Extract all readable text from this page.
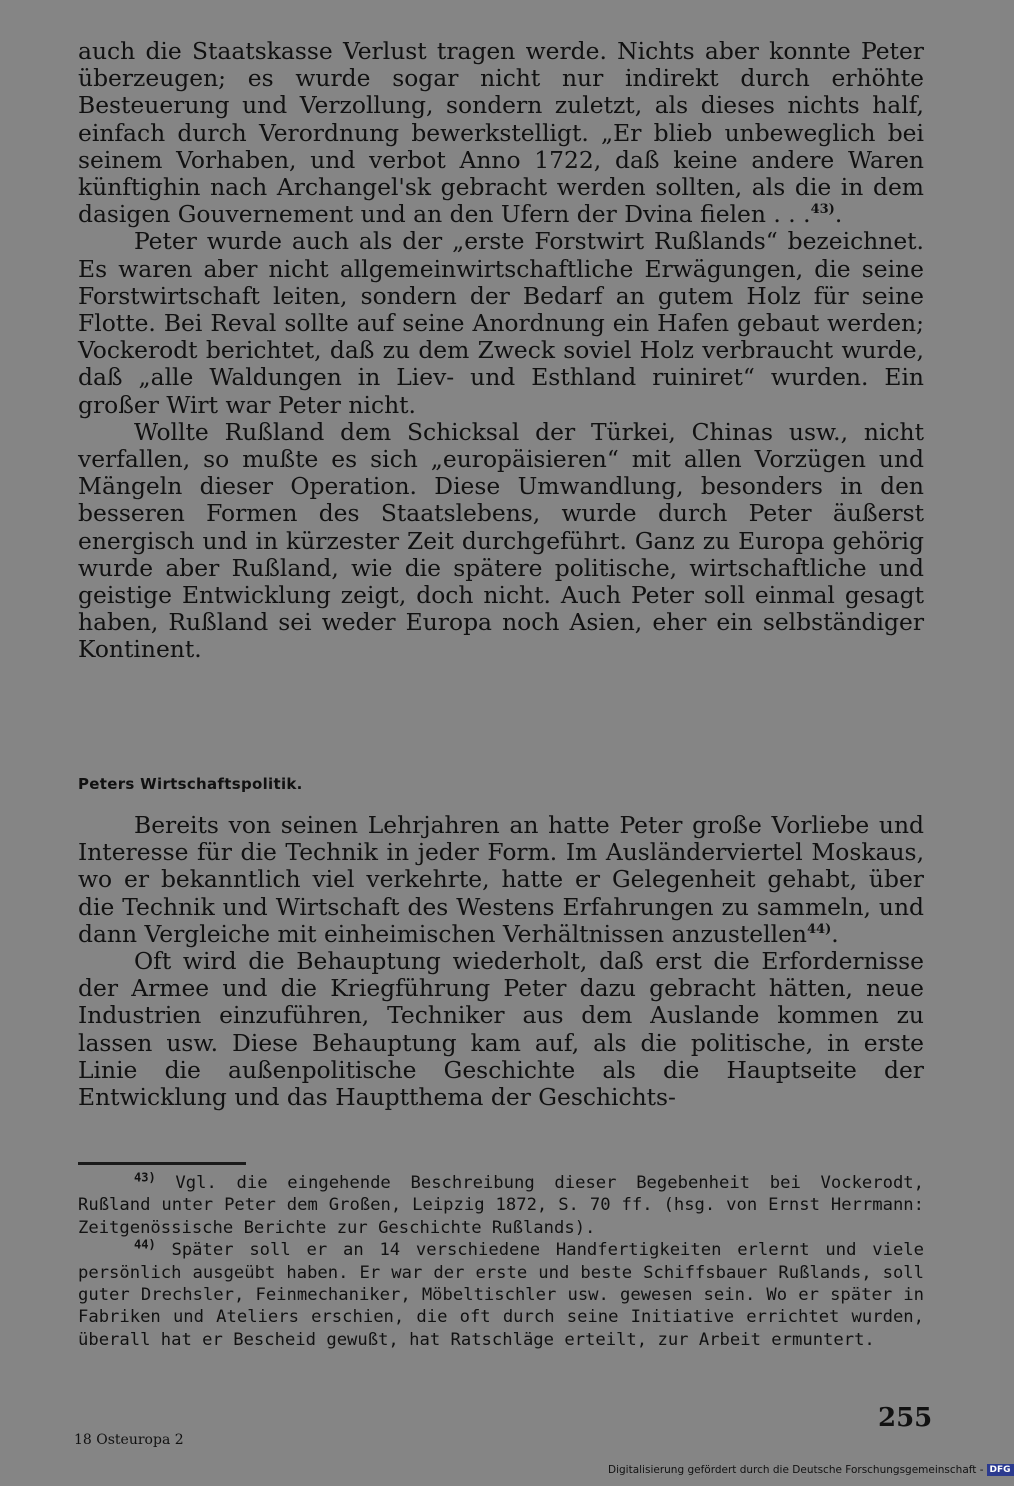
auch die Staatskasse Verlust tragen werde. Nichts aber konnte Peter überzeugen; es wurde sogar nicht nur indirekt durch erhöhte Besteuerung und Verzollung, sondern zuletzt, als dieses nichts half, einfach durch Verordnung bewerkstelligt. „Er blieb unbeweglich bei seinem Vorhaben, und verbot Anno 1722, daß keine andere Waren künftighin nach Archangel'sk gebracht werden sollten, als die in dem dasigen Gouvernement und an den Ufern der Dvina fielen . . .$^{43)}$.

Peter wurde auch als der „erste Forstwirt Rußlands“ bezeichnet. Es waren aber nicht allgemeinwirtschaftliche Erwägungen, die seine Forstwirtschaft leiten, sondern der Bedarf an gutem Holz für seine Flotte. Bei Reval sollte auf seine Anordnung ein Hafen gebaut werden; Vockerodt berichtet, daß zu dem Zweck soviel Holz verbraucht wurde, daß „alle Waldungen in Liev- und Esthland ruiniret“ wurden. Ein großer Wirt war Peter nicht.

Wollte Rußland dem Schicksal der Türkei, Chinas usw., nicht verfallen, so mußte es sich „europäisieren“ mit allen Vorzügen und Mängeln dieser Operation. Diese Umwandlung, besonders in den besseren Formen des Staatslebens, wurde durch Peter äußerst energisch und in kürzester Zeit durchgeführt. Ganz zu Europa gehörig wurde aber Rußland, wie die spätere politische, wirtschaftliche und geistige Entwicklung zeigt, doch nicht. Auch Peter soll einmal gesagt haben, Rußland sei weder Europa noch Asien, eher ein selbständiger Kontinent.

Peters Wirtschaftspolitik.

Bereits von seinen Lehrjahren an hatte Peter große Vorliebe und Interesse für die Technik in jeder Form. Im Ausländerviertel Moskaus, wo er bekanntlich viel verkehrte, hatte er Gelegenheit gehabt, über die Technik und Wirtschaft des Westens Erfahrungen zu sammeln, und dann Vergleiche mit einheimischen Verhältnissen anzustellen$^{44)}$.

Oft wird die Behauptung wiederholt, daß erst die Erfordernisse der Armee und die Kriegführung Peter dazu gebracht hätten, neue Industrien einzuführen, Techniker aus dem Auslande kommen zu lassen usw. Diese Behauptung kam auf, als die politische, in erste Linie die außenpolitische Geschichte als die Hauptseite der Entwicklung und das Hauptthema der Geschichts-

$^{43)}$ Vgl. die eingehende Beschreibung dieser Begebenheit bei Vockerodt, Rußland unter Peter dem Großen, Leipzig 1872, S. 70 ff. (hsg. von Ernst Herrmann: Zeitgenössische Berichte zur Geschichte Rußlands).

$^{44)}$ Später soll er an 14 verschiedene Handfertigkeiten erlernt und viele persönlich ausgeübt haben. Er war der erste und beste Schiffsbauer Rußlands, soll guter Drechsler, Feinmechaniker, Möbeltischler usw. gewesen sein. Wo er später in Fabriken und Ateliers erschien, die oft durch seine Initiative errichtet wurden, überall hat er Bescheid gewußt, hat Ratschläge erteilt, zur Arbeit ermuntert.

255
18 Osteuropa 2
Digitalisierung gefördert durch die Deutsche Forschungsgemeinschaft - DFG
